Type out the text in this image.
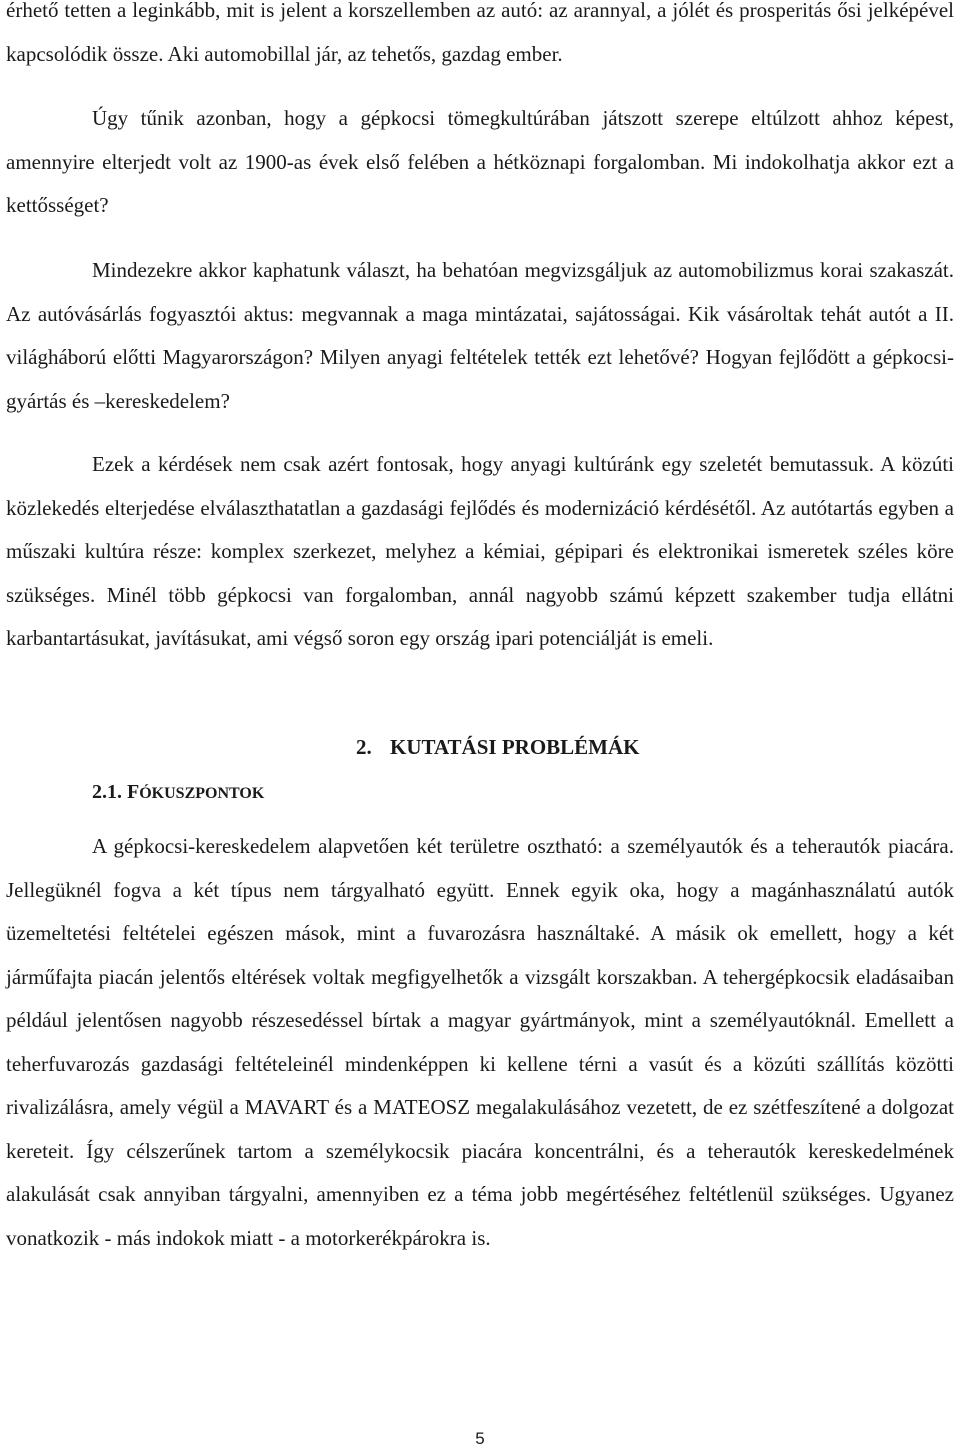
érhető tetten a leginkább, mit is jelent a korszellemben az autó: az arannyal, a jólét és prosperitás ősi jelképével kapcsolódik össze. Aki automobillal jár, az tehetős, gazdag ember.

Úgy tűnik azonban, hogy a gépkocsi tömegkultúrában játszott szerepe eltúlzott ahhoz képest, amennyire elterjedt volt az 1900-as évek első felében a hétköznapi forgalomban. Mi indokolhatja akkor ezt a kettősséget?

Mindezekre akkor kaphatunk választ, ha behatóan megvizsgáljuk az automobilizmus korai szakaszát. Az autóvásárlás fogyasztói aktus: megvannak a maga mintázatai, sajátosságai. Kik vásároltak tehát autót a II. világháború előtti Magyarországon? Milyen anyagi feltételek tették ezt lehetővé? Hogyan fejlődött a gépkocsi-gyártás és –kereskedelem?

Ezek a kérdések nem csak azért fontosak, hogy anyagi kultúránk egy szeletét bemutassuk. A közúti közlekedés elterjedése elválaszthatatlan a gazdasági fejlődés és modernizáció kérdésétől. Az autótartás egyben a műszaki kultúra része: komplex szerkezet, melyhez a kémiai, gépipari és elektronikai ismeretek széles köre szükséges. Minél több gépkocsi van forgalomban, annál nagyobb számú képzett szakember tudja ellátni karbantartásukat, javításukat, ami végső soron egy ország ipari potenciálját is emeli.

2. KUTATÁSI PROBLÉMÁK
2.1. FÓKUSZPONTOK

A gépkocsi-kereskedelem alapvetően két területre osztható: a személyautók és a teherautók piacára. Jellegüknél fogva a két típus nem tárgyalható együtt. Ennek egyik oka, hogy a magánhasználatú autók üzemeltetési feltételei egészen mások, mint a fuvarozásra használtaké. A másik ok emellett, hogy a két járműfajta piacán jelentős eltérések voltak megfigyelhetők a vizsgált korszakban. A tehergépkocsik eladásaiban például jelentősen nagyobb részesedéssel bírtak a magyar gyártmányok, mint a személyautóknál. Emellett a teherfuvarozás gazdasági feltételeinél mindenképpen ki kellene térni a vasút és a közúti szállítás közötti rivalizálásra, amely végül a MAVART és a MATEOSZ megalakulásához vezetett, de ez szétfeszítené a dolgozat kereteit. Így célszerűnek tartom a személykocsik piacára koncentrálni, és a teherautók kereskedelmének alakulását csak annyiban tárgyalni, amennyiben ez a téma jobb megértéséhez feltétlenül szükséges. Ugyanez vonatkozik - más indokok miatt - a motorkerékpárokra is.

5
